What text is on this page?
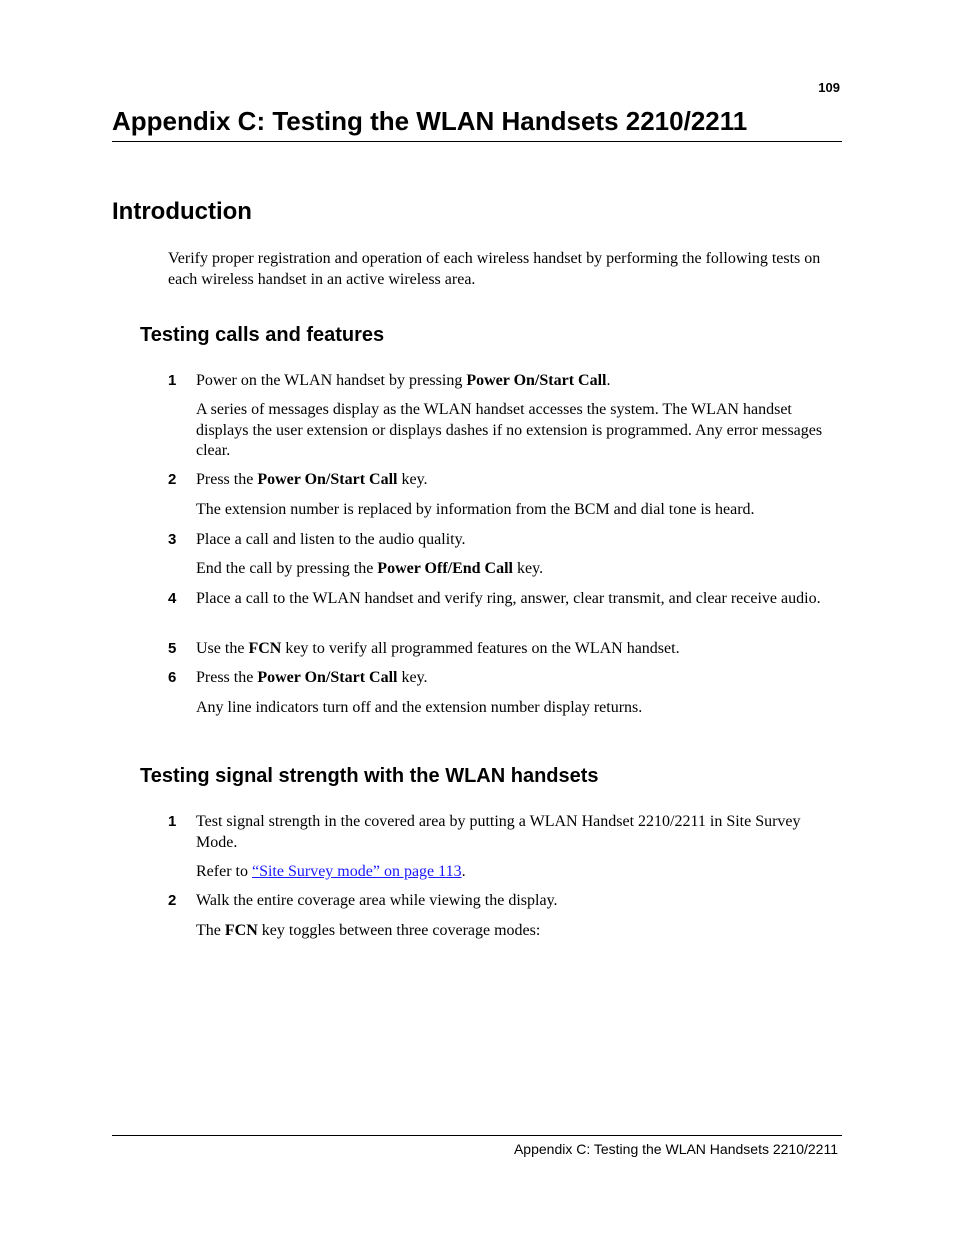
109
Appendix C: Testing the WLAN Handsets 2210/2211
Introduction

Verify proper registration and operation of each wireless handset by performing the following tests on each wireless handset in an active wireless area.

Testing calls and features
1	Power on the WLAN handset by pressing Power On/Start Call.

A series of messages display as the WLAN handset accesses the system. The WLAN handset displays the user extension or displays dashes if no extension is programmed. Any error messages clear.

2	Press the Power On/Start Call key.

The extension number is replaced by information from the BCM and dial tone is heard.

3	Place a call and listen to the audio quality.

End the call by pressing the Power Off/End Call key.

4	Place a call to the WLAN handset and verify ring, answer, clear transmit, and clear receive audio.
5	Use the FCN key to verify all programmed features on the WLAN handset.
6	Press the Power On/Start Call key.

Any line indicators turn off and the extension number display returns.

Testing signal strength with the WLAN handsets
1	Test signal strength in the covered area by putting a WLAN Handset 2210/2211 in Site Survey Mode.

Refer to “Site Survey mode” on page 113.

2	Walk the entire coverage area while viewing the display.

The FCN key toggles between three coverage modes:

Appendix C: Testing the WLAN Handsets 2210/2211
